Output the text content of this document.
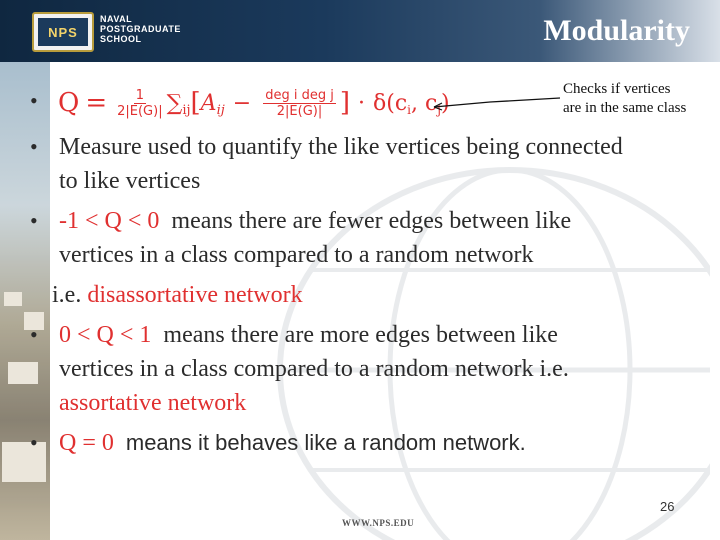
NPS
NAVAL
POSTGRADUATE
SCHOOL	Modularity
• $Q = \frac{1}{2|E(G)|}$ ∑ ij [ A ij − $\frac{\text{deg i deg j}}{2|E(G)|}$ ] · δ(c i , c j )
Checks if vertices
are in the same class
• Measure used to quantify the like vertices being connected
to like vertices
• -1 < Q < 0 means there are fewer edges between like
vertices in a class compared to a random network
i.e. disassortative network
• 0 < Q < 1 means there are more edges between like
vertices in a class compared to a random network i.e.
assortative network
• Q = 0 means it behaves like a random network.
26
WWW.NPS.EDU
